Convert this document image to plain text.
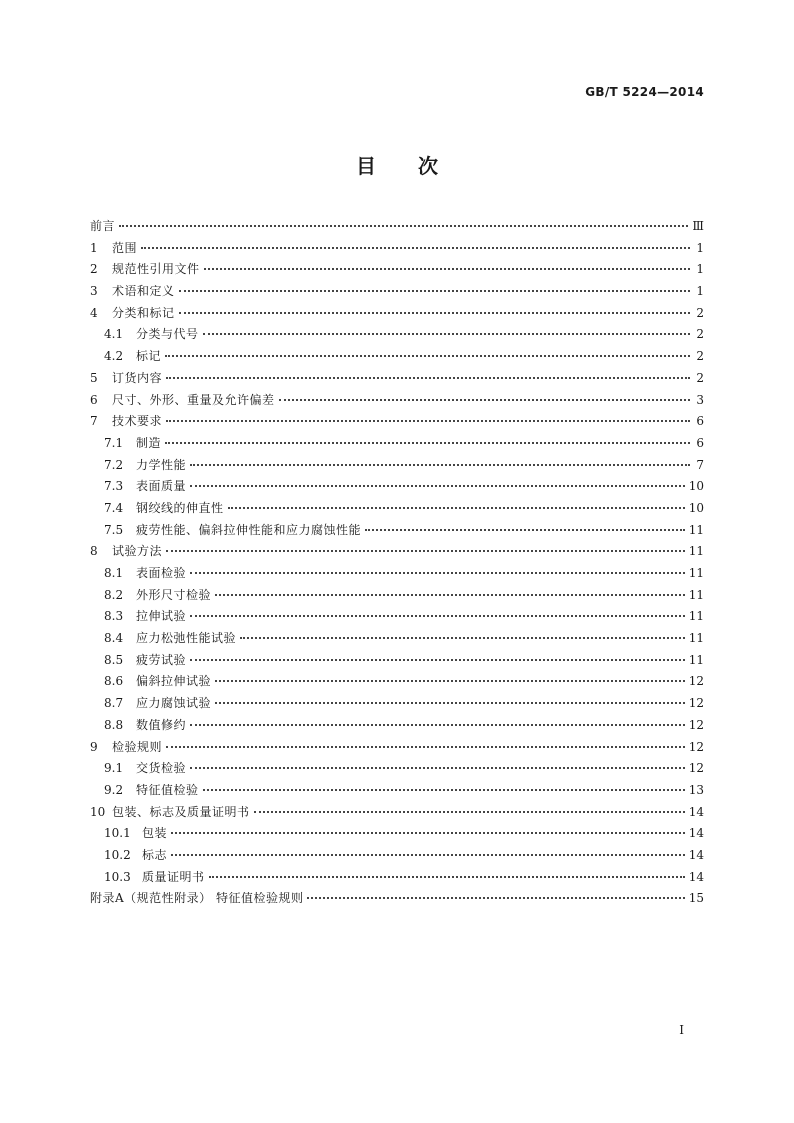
GB/T 5224—2014
目次
前言	Ⅲ
1	范围	1
2	规范性引用文件	1
3	术语和定义	1
4	分类和标记	2
4.1	分类与代号	2
4.2	标记	2
5	订货内容	2
6	尺寸、外形、重量及允许偏差	3
7	技术要求	6
7.1	制造	6
7.2	力学性能	7
7.3	表面质量	10
7.4	钢绞线的伸直性	10
7.5	疲劳性能、偏斜拉伸性能和应力腐蚀性能	11
8	试验方法	11
8.1	表面检验	11
8.2	外形尺寸检验	11
8.3	拉伸试验	11
8.4	应力松弛性能试验	11
8.5	疲劳试验	11
8.6	偏斜拉伸试验	12
8.7	应力腐蚀试验	12
8.8	数值修约	12
9	检验规则	12
9.1	交货检验	12
9.2	特征值检验	13
10 包装、标志及质量证明书	14
10.1 包装	14
10.2 标志	14
10.3 质量证明书	14
附录A（规范性附录） 特征值检验规则	15
I
